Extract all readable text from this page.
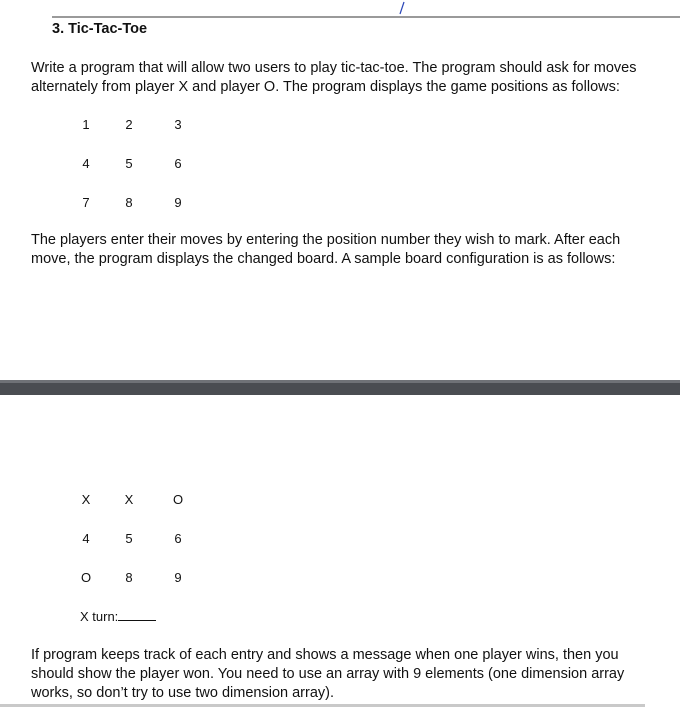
3. Tic-Tac-Toe

Write a program that will allow two users to play tic-tac-toe. The program should ask for moves alternately from player X and player O. The program displays the game positions as follows:

1	2	3
4	5	6
7	8	9

The players enter their moves by entering the position number they wish to mark. After each move, the program displays the changed board. A sample board configuration is as follows:

X	X	O
4	5	6
O	8	9
X turn:

If program keeps track of each entry and shows a message when one player wins, then you should show the player won. You need to use an array with 9 elements (one dimension array works, so don’t try to use two dimension array).
